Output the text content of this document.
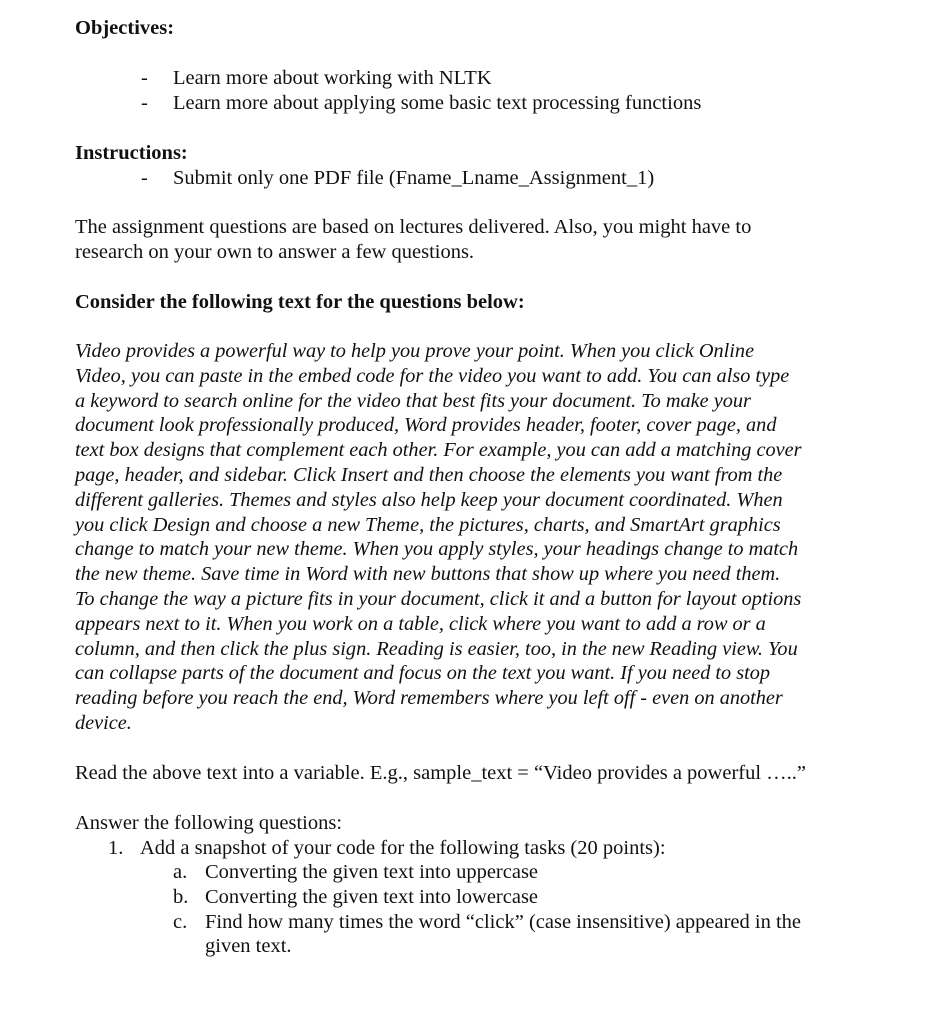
Objectives:
- Learn more about working with NLTK
- Learn more about applying some basic text processing functions
Instructions:
- Submit only one PDF file (Fname_Lname_Assignment_1)
The assignment questions are based on lectures delivered. Also, you might have to
research on your own to answer a few questions.
Consider the following text for the questions below:
Video provides a powerful way to help you prove your point. When you click Online
Video, you can paste in the embed code for the video you want to add. You can also type
a keyword to search online for the video that best fits your document. To make your
document look professionally produced, Word provides header, footer, cover page, and
text box designs that complement each other. For example, you can add a matching cover
page, header, and sidebar. Click Insert and then choose the elements you want from the
different galleries. Themes and styles also help keep your document coordinated. When
you click Design and choose a new Theme, the pictures, charts, and SmartArt graphics
change to match your new theme. When you apply styles, your headings change to match
the new theme. Save time in Word with new buttons that show up where you need them.
To change the way a picture fits in your document, click it and a button for layout options
appears next to it. When you work on a table, click where you want to add a row or a
column, and then click the plus sign. Reading is easier, too, in the new Reading view. You
can collapse parts of the document and focus on the text you want. If you need to stop
reading before you reach the end, Word remembers where you left off - even on another
device.
Read the above text into a variable. E.g., sample_text = “Video provides a powerful …..”
Answer the following questions:
1. Add a snapshot of your code for the following tasks (20 points):
a. Converting the given text into uppercase
b. Converting the given text into lowercase
c. Find how many times the word “click” (case insensitive) appeared in the
given text.
